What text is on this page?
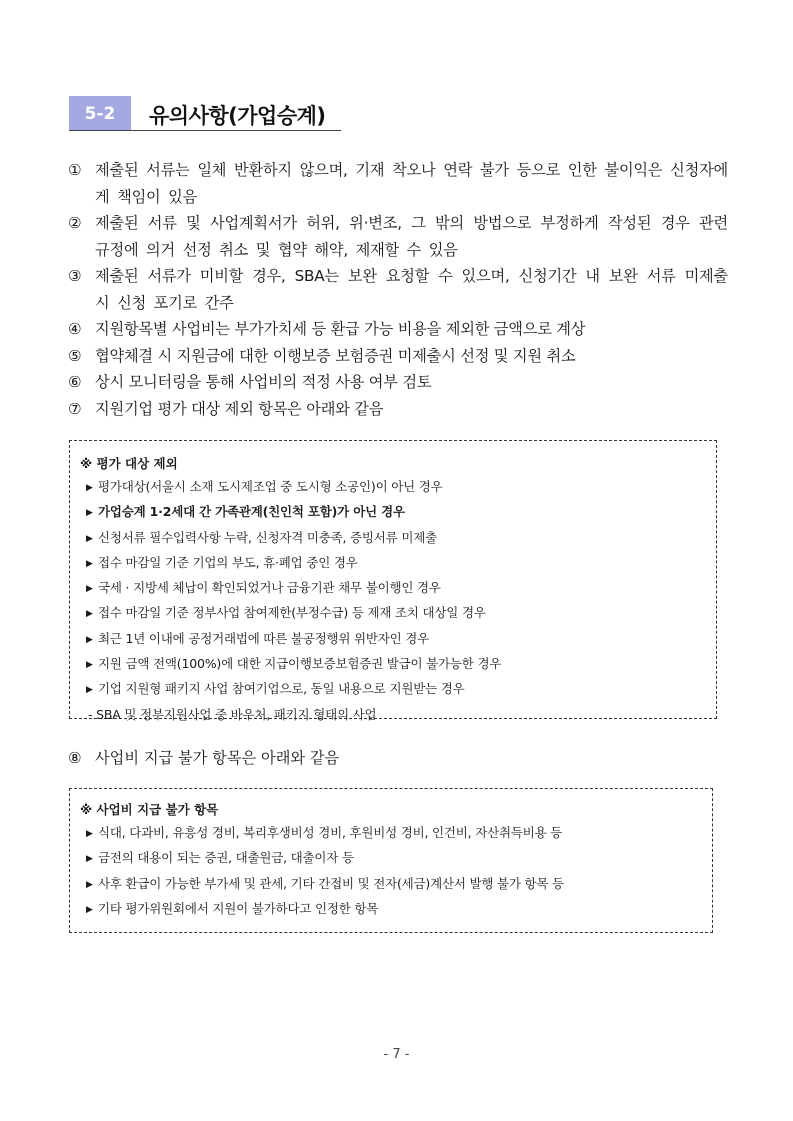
5-2	유의사항(가업승계)
① 제출된 서류는 일체 반환하지 않으며, 기재 착오나 연락 불가 등으로 인한 불이익은 신청자에게 책임이 있음
② 제출된 서류 및 사업계획서가 허위, 위·변조, 그 밖의 방법으로 부정하게 작성된 경우 관련 규정에 의거 선정 취소 및 협약 해약, 제재할 수 있음
③ 제출된 서류가 미비할 경우, SBA는 보완 요청할 수 있으며, 신청기간 내 보완 서류 미제출 시 신청 포기로 간주
④ 지원항목별 사업비는 부가가치세 등 환급 가능 비용을 제외한 금액으로 계상
⑤ 협약체결 시 지원금에 대한 이행보증 보험증권 미제출시 선정 및 지원 취소
⑥ 상시 모니터링을 통해 사업비의 적정 사용 여부 검토
⑦ 지원기업 평가 대상 제외 항목은 아래와 같음
※ 평가 대상 제외
▶ 평가대상(서울시 소재 도시제조업 중 도시형 소공인)이 아닌 경우
▶ 가업승계 1·2세대 간 가족관계(친인척 포함)가 아닌 경우
▶ 신청서류 필수입력사항 누락, 신청자격 미충족, 증빙서류 미제출
▶ 접수 마감일 기준 기업의 부도, 휴·폐업 중인 경우
▶ 국세 · 지방세 체납이 확인되었거나 금융기관 채무 불이행인 경우
▶ 접수 마감일 기준 정부사업 참여제한(부정수급) 등 제재 조치 대상일 경우
▶ 최근 1년 이내에 공정거래법에 따른 불공정행위 위반자인 경우
▶ 지원 금액 전액(100%)에 대한 지급이행보증보험증권 발급이 불가능한 경우
▶ 기업 지원형 패키지 사업 참여기업으로, 동일 내용으로 지원받는 경우
- SBA 및 정부지원사업 중 바우처, 패키지 형태의 사업
⑧ 사업비 지급 불가 항목은 아래와 같음
※ 사업비 지급 불가 항목
▶ 식대, 다과비, 유흥성 경비, 복리후생비성 경비, 후원비성 경비, 인건비, 자산취득비용 등
▶ 금전의 대용이 되는 증권, 대출원금, 대출이자 등
▶ 사후 환급이 가능한 부가세 및 관세, 기타 간접비 및 전자(세금)계산서 발행 불가 항목 등
▶ 기타 평가위원회에서 지원이 불가하다고 인정한 항목
- 7 -
